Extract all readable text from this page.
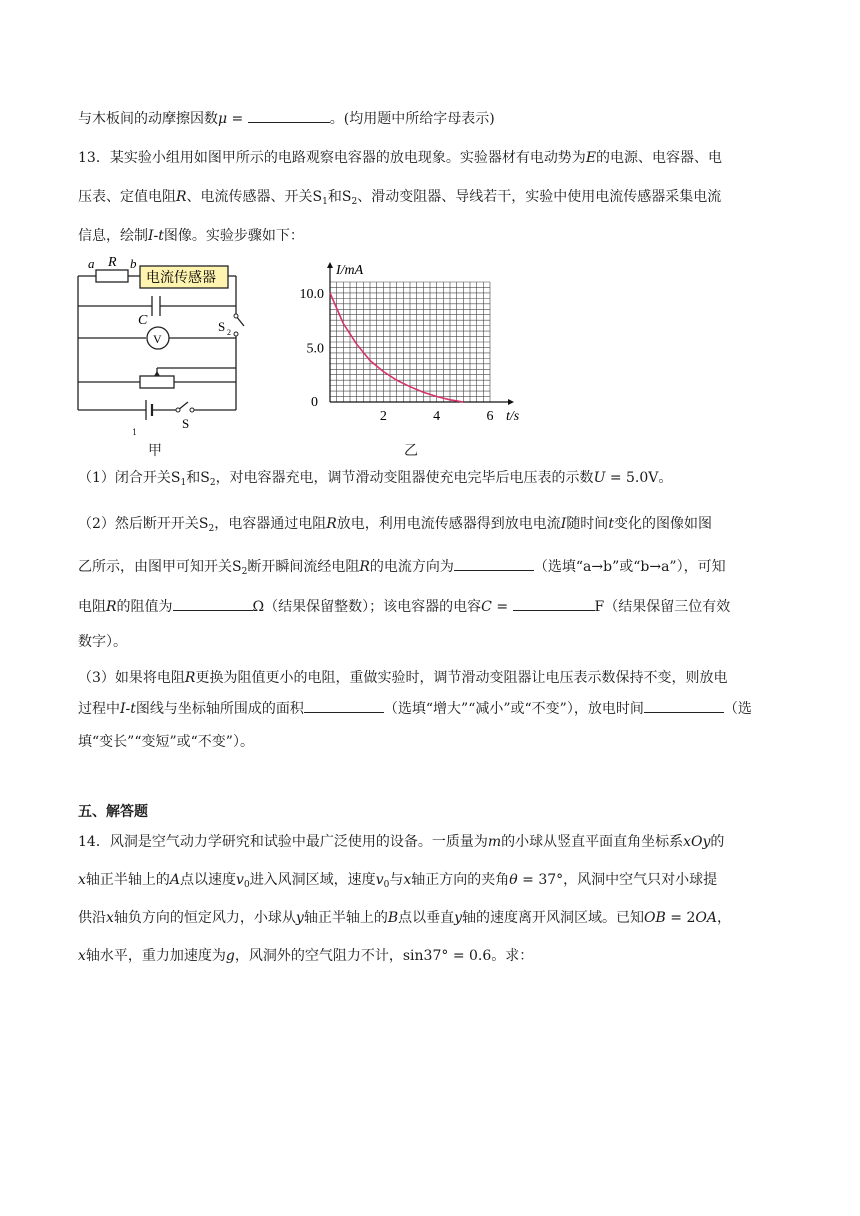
与木板间的动摩擦因数μ =	。(均用题中所给字母表示)
13．某实验小组用如图甲所示的电路观察电容器的放电现象。实验器材有电动势为E的电源、电容器、电
压表、定值电阻R、电流传感器、开关$S_1$和$S_2$、滑动变阻器、导线若干，实验中使用电流传感器采集电流
信息，绘制I-t图像。实验步骤如下：
a R b
电流传感器
C	S 2
V
S
1
甲
2	4	6
10.0
5.0
0
I/mA
t/s
乙
（1）闭合开关$S_1$和$S_2$，对电容器充电，调节滑动变阻器使充电完毕后电压表的示数U = 5.0V。
（2）然后断开开关$S_2$，电容器通过电阻R放电，利用电流传感器得到放电电流I随时间t变化的图像如图
乙所示，由图甲可知开关$S_2$断开瞬间流经电阻R的电流方向为	（选填“a→b”或“b→a”），可知
电阻R的阻值为	Ω（结果保留整数）；该电容器的电容C =	F（结果保留三位有效
数字）。
（3）如果将电阻R更换为阻值更小的电阻，重做实验时，调节滑动变阻器让电压表示数保持不变，则放电
过程中I-t图线与坐标轴所围成的面积	（选填“增大”“减小”或“不变”），放电时间	（选
填“变长”“变短”或“不变”）。
五、解答题
14．风洞是空气动力学研究和试验中最广泛使用的设备。一质量为m的小球从竖直平面直角坐标系xOy的
x轴正半轴上的A点以速度$v_0$进入风洞区域，速度$v_0$与x轴正方向的夹角θ = 37°，风洞中空气只对小球提
供沿x轴负方向的恒定风力，小球从y轴正半轴上的B点以垂直y轴的速度离开风洞区域。已知OB = 2OA，
x轴水平，重力加速度为g，风洞外的空气阻力不计，sin37° = 0.6。求：
